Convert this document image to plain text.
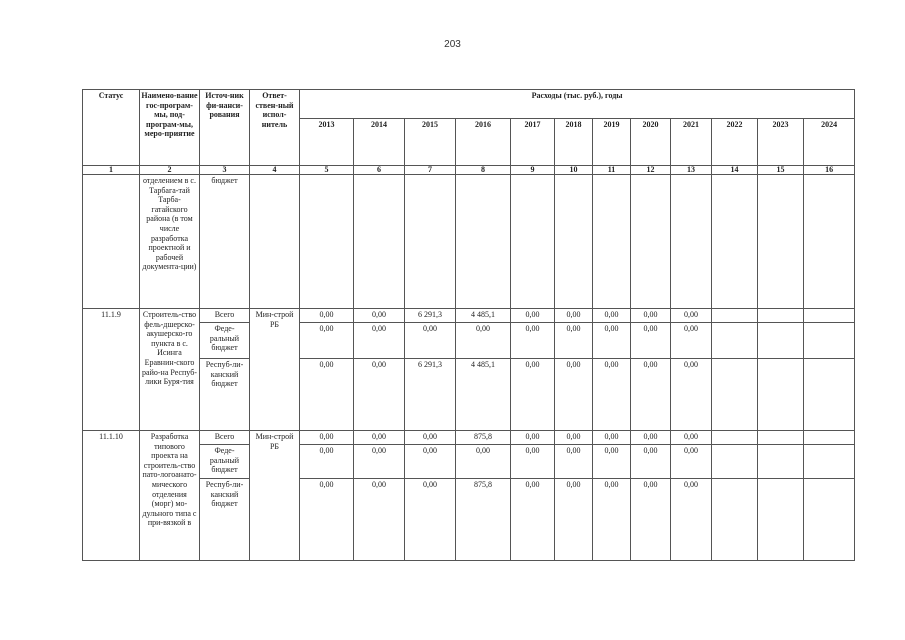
203
Статус	Наимено-вание гос-програм-мы, под-програм-мы, меро-приятие	Источ-ник фи-нанси-рования	Ответ-ствен-ный испол-нитель	Расходы (тыс. руб.), годы											
				2013	2014	2015	2016	2017	2018	2019	2020	2021	2022	2023	2024
1	2	3	4	5	6	7	8	9	10	11	12	13	14	15	16
	отделением в с. Тарбага-тай Тарба-гатайского района (в том числе разработка проектной и рабочей документа-ции)	бюджет													
11.1.9	Строитель-ство фель-дшерско-акушерско-го пункта в с. Исинга Еравнин-ского райо-на Респуб-лики Буря-тия	Всего	Мин-строй РБ	0,00	0,00	6 291,3	4 485,1	0,00	0,00	0,00	0,00	0,00			
		Феде-ральный бюджет		0,00	0,00	0,00	0,00	0,00	0,00	0,00	0,00	0,00			
		Респуб-ли-канский бюджет		0,00	0,00	6 291,3	4 485,1	0,00	0,00	0,00	0,00	0,00			
11.1.10	Разработка типового проекта на строитель-ство пато-логоанато-мического отделения (морг) мо-дульного типа с при-вязкой в	Всего	Мин-строй РБ	0,00	0,00	0,00	875,8	0,00	0,00	0,00	0,00	0,00			
		Феде-ральный бюджет		0,00	0,00	0,00	0,00	0,00	0,00	0,00	0,00	0,00			
		Респуб-ли-канский бюджет		0,00	0,00	0,00	875,8	0,00	0,00	0,00	0,00	0,00			
